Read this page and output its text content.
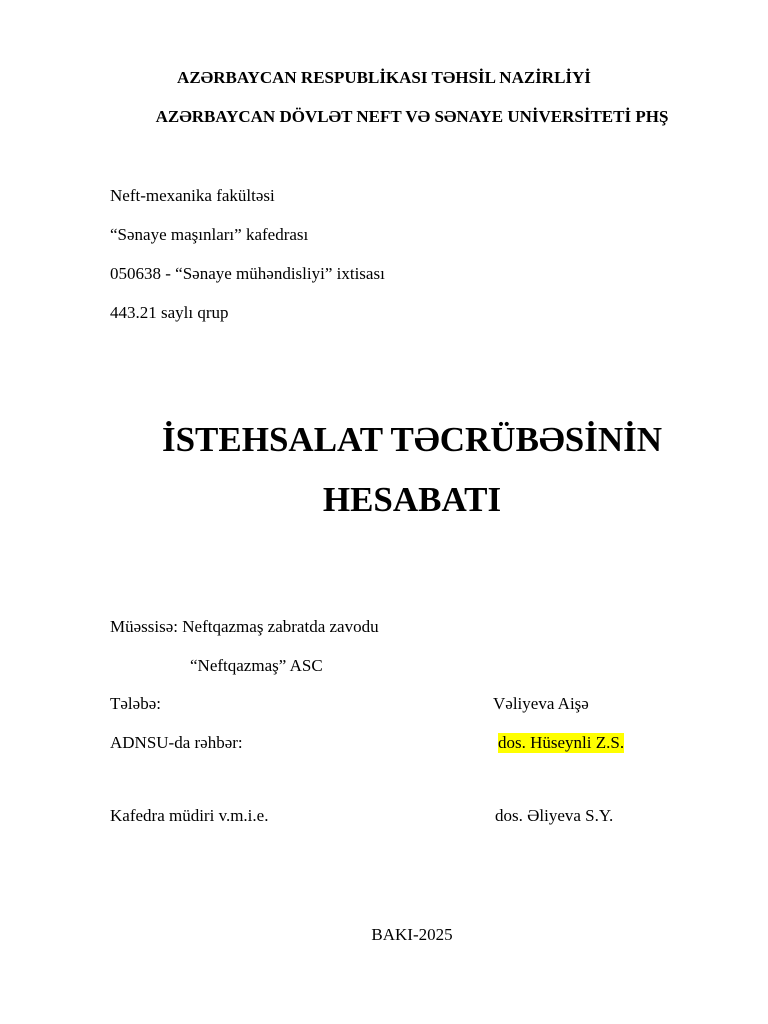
AZƏRBAYCAN RESPUBLİKASI TƏHSİL NAZİRLİYİ
AZƏRBAYCAN DÖVLƏT NEFT VƏ SƏNAYE UNİVERSİTETİ PHŞ
Neft-mexanika fakültəsi
“Sənaye maşınları” kafedrası
050638 - “Sənaye mühəndisliyi” ixtisası
443.21 saylı qrup
İSTEHSALAT TƏCRÜBƏSİNİN
HESABATI
Müəssisə: Neftqazmaş zabratda zavodu
“Neftqazmaş” ASC
Tələbə:	Vəliyeva Aişə
ADNSU-da rəhbər:	dos. Hüseynli Z.S.
Kafedra müdiri v.m.i.e.	dos. Əliyeva S.Y.
BAKI-2025
